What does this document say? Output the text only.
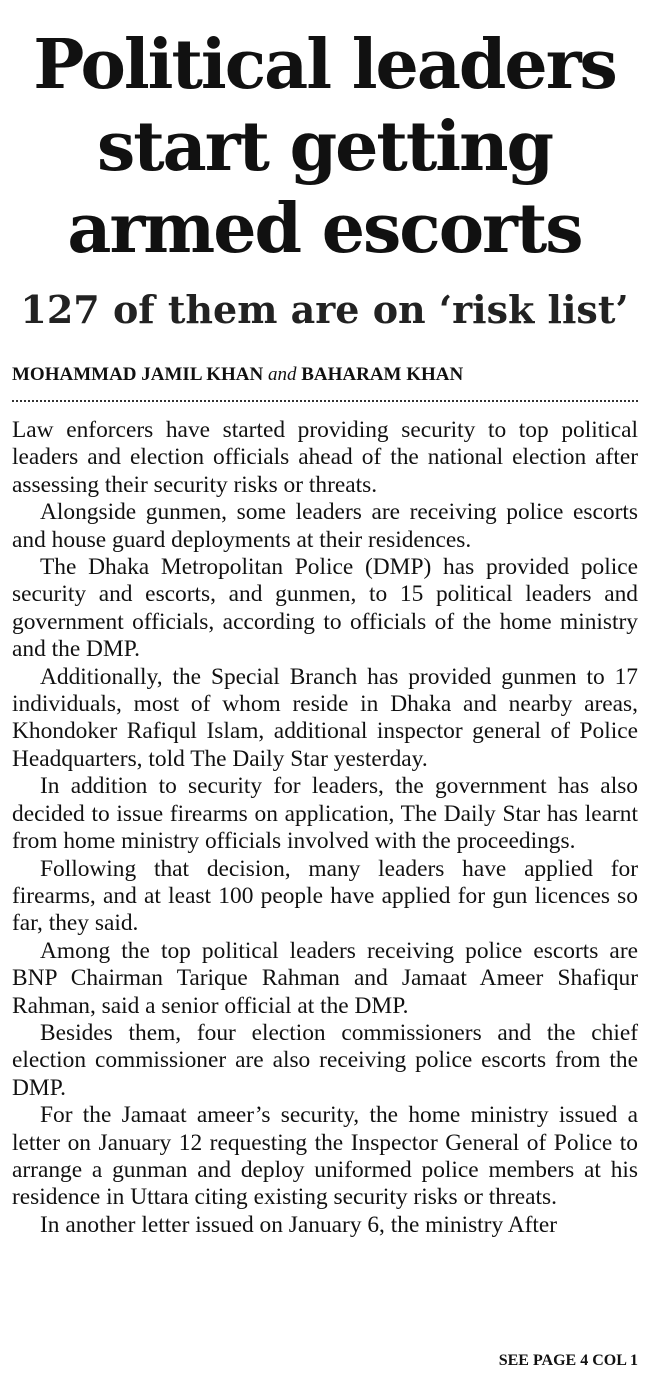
Political leaders
start getting
armed escorts
127 of them are on ‘risk list’
MOHAMMAD JAMIL KHAN and BAHARAM KHAN

Law enforcers have started providing security to top political leaders and election officials ahead of the national election after assessing their security risks or threats.

Alongside gunmen, some leaders are receiving police escorts and house guard deployments at their residences.

The Dhaka Metropolitan Police (DMP) has provided police security and escorts, and gunmen, to 15 political leaders and government officials, according to officials of the home ministry and the DMP.

Additionally, the Special Branch has provided gunmen to 17 individuals, most of whom reside in Dhaka and nearby areas, Khondoker Rafiqul Islam, additional inspector general of Police Headquarters, told The Daily Star yesterday.

In addition to security for leaders, the government has also decided to issue firearms on application, The Daily Star has learnt from home ministry officials involved with the proceedings.

Following that decision, many leaders have applied for firearms, and at least 100 people have applied for gun licences so far, they said.

Among the top political leaders receiving police escorts are BNP Chairman Tarique Rahman and Jamaat Ameer Shafiqur Rahman, said a senior official at the DMP.

Besides them, four election commissioners and the chief election commissioner are also receiving police escorts from the DMP.

For the Jamaat ameer’s security, the home ministry issued a letter on January 12 requesting the Inspector General of Police to arrange a gunman and deploy uniformed police members at his residence in Uttara citing existing security risks or threats.

In another letter issued on January 6, the ministry After

SEE PAGE 4 COL 1
